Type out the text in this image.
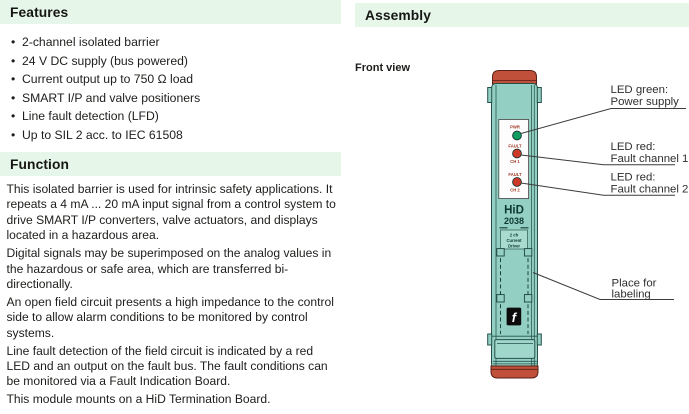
Features
• 2-channel isolated barrier
• 24 V DC supply (bus powered)
• Current output up to 750 Ω load
• SMART I/P and valve positioners
• Line fault detection (LFD)
• Up to SIL 2 acc. to IEC 61508
Function

This isolated barrier is used for intrinsic safety applications. It repeats a 4 mA ... 20 mA input signal from a control system to drive SMART I/P converters, valve actuators, and displays located in a hazardous area.

Digital signals may be superimposed on the analog values in the hazardous or safe area, which are transferred bi-directionally.

An open field circuit presents a high impedance to the control side to allow alarm conditions to be monitored by control systems.

Line fault detection of the field circuit is indicated by a red LED and an output on the fault bus. The fault conditions can be monitored via a Fault Indication Board.

This module mounts on a HiD Termination Board.

Assembly
Front view
PWR
FAULT
CH 1
FAULT
CH 2
HiD
2038
2 ch
Current
Driver
f
LED green:
Power supply
LED red:
Fault channel 1
LED red:
Fault channel 2
Place for
labeling
